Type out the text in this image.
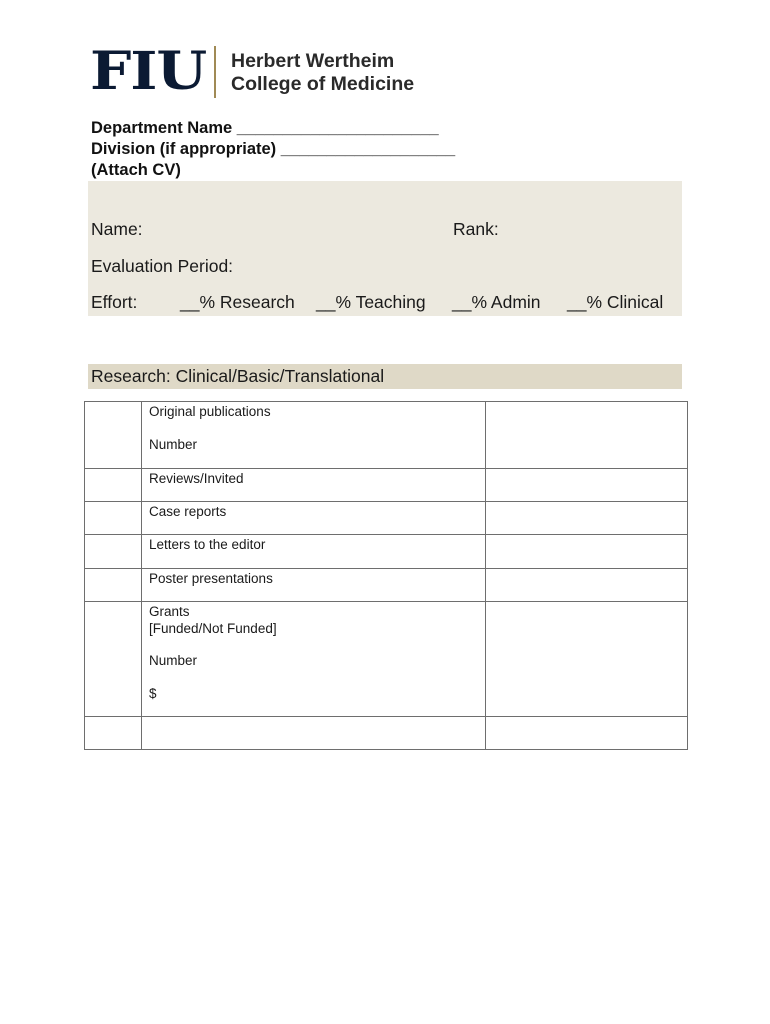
FIU Herbert Wertheim
College of Medicine
Department Name ______________________
Division (if appropriate) ___________________
(Attach CV)
Name:	Rank:
Evaluation Period:
Effort: __% Research __% Teaching __% Admin __% Clinical
Research: Clinical/Basic/Translational

	Original publications

Number	

	Reviews/Invited	

	Case reports	

	Letters to the editor	

	Poster presentations	

	Grants

[Funded/Not Funded]

Number

$	
